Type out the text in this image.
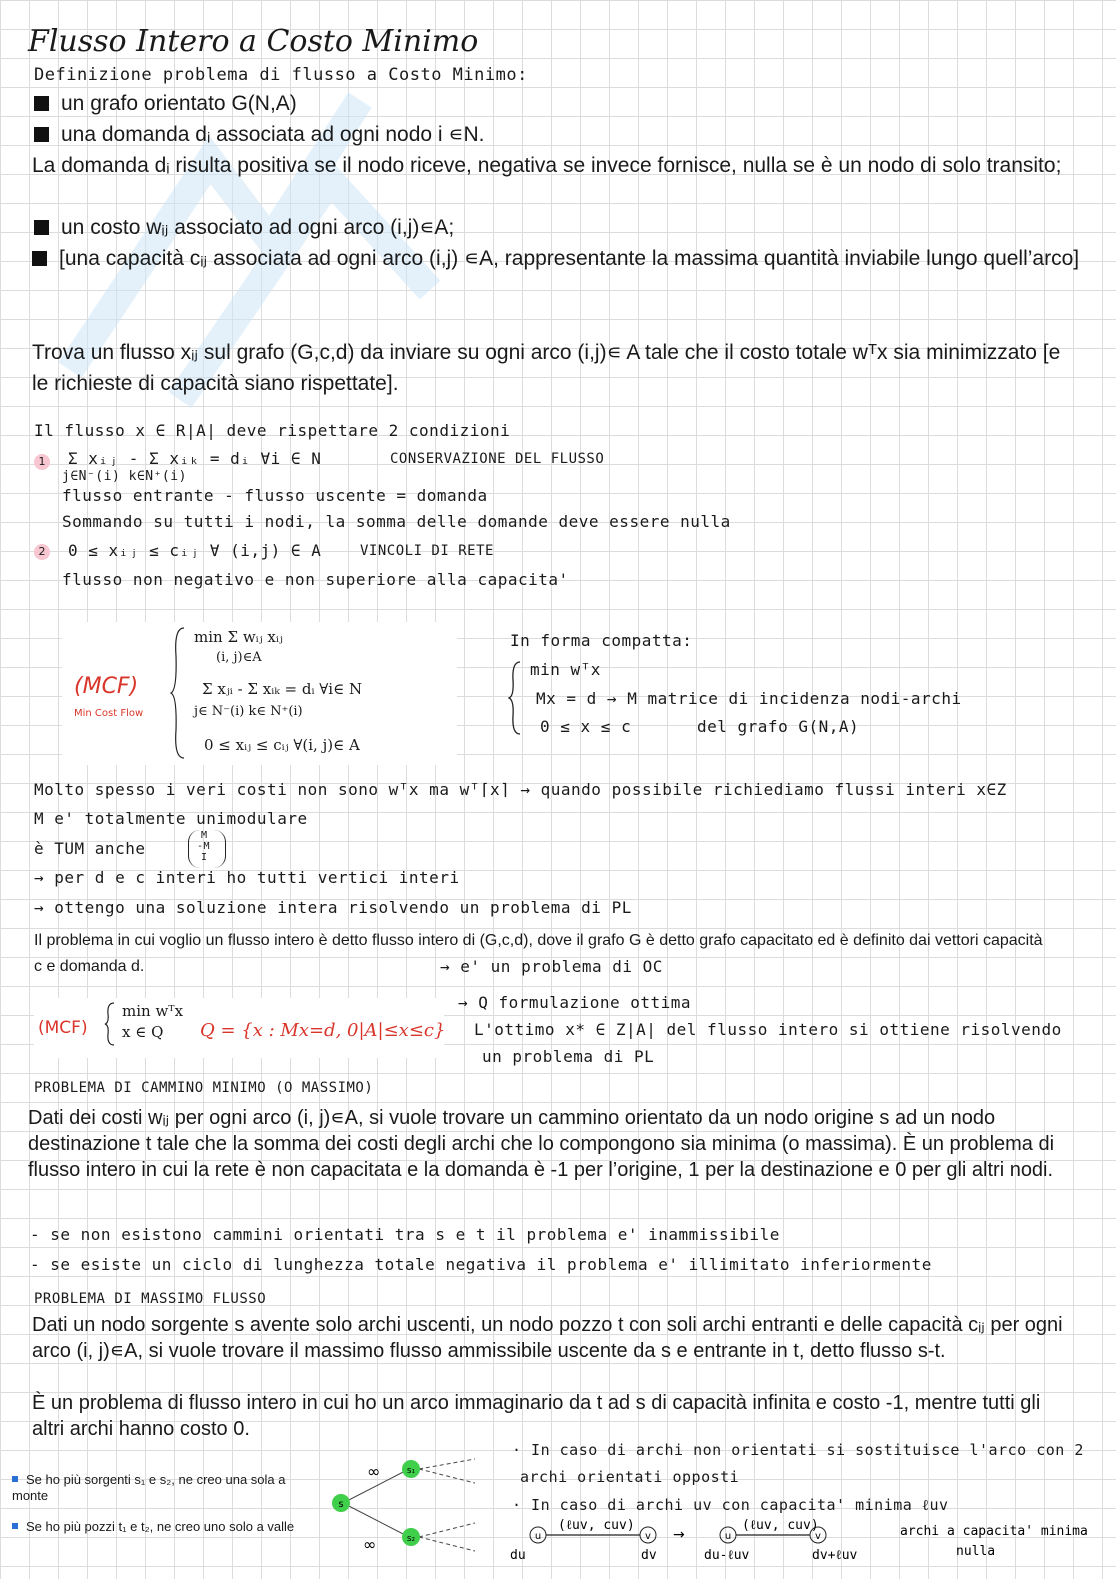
Flusso Intero a Costo Minimo
Definizione problema di flusso a Costo Minimo:
un grafo orientato G(N,A)
una domanda dᵢ associata ad ogni nodo i ∊N.
La domanda dᵢ risulta positiva se il nodo riceve, negativa se invece fornisce, nulla se è un nodo di solo transito;
un costo wᵢⱼ associato ad ogni arco (i,j)∊A;
[una capacità cᵢⱼ associata ad ogni arco (i,j) ∊A, rappresentante la massima quantità inviabile lungo quell’arco]
Trova un flusso xᵢⱼ sul grafo (G,c,d) da inviare su ogni arco (i,j)∊ A tale che il costo totale wᵀx sia minimizzato [e le richieste di capacità siano rispettate].
Il flusso x ∈ R|A| deve rispettare 2 condizioni
1 Σ xᵢⱼ - Σ xᵢₖ = dᵢ ∀i ∈ N
j∈N⁻(i) k∈N⁺(i)
CONSERVAZIONE DEL FLUSSO
flusso entrante - flusso uscente = domanda
Sommando su tutti i nodi, la somma delle domande deve essere nulla
2 0 ≤ xᵢⱼ ≤ cᵢⱼ ∀ (i,j) ∈ A	VINCOLI DI RETE
flusso non negativo e non superiore alla capacita'
(MCF)
Min Cost Flow
min Σ wᵢⱼ xᵢⱼ
(i, j)∈A
Σ xⱼᵢ - Σ xᵢₖ = dᵢ ∀i∈ N
j∈ N⁻(i) k∈ N⁺(i)
0 ≤ xᵢⱼ ≤ cᵢⱼ ∀(i, j)∈ A
In forma compatta:
min wᵀx
Mx = d → M matrice di incidenza nodi-archi
del grafo G(N,A)
0 ≤ x ≤ c
Molto spesso i veri costi non sono wᵀx ma wᵀ⌈x⌉ → quando possibile richiediamo flussi interi x∈Z
M e' totalmente unimodulare
è TUM anche
M
-M
I
→ per d e c interi ho tutti vertici interi
→ ottengo una soluzione intera risolvendo un problema di PL
Il problema in cui voglio un flusso intero è detto flusso intero di (G,c,d), dove il grafo G è detto grafo capacitato ed è definito dai vettori capacità c e domanda d.	→ e' un problema di OC
(MCF)
min wᵀx
x ∈ Q Q = {x : Mx=d, 0|A|≤x≤c}
→ Q formulazione ottima
L'ottimo x* ∈ Z|A| del flusso intero si ottiene risolvendo
un problema di PL
PROBLEMA DI CAMMINO MINIMO (O MASSIMO)
Dati dei costi wᵢⱼ per ogni arco (i, j)∊A, si vuole trovare un cammino orientato da un nodo origine s ad un nodo destinazione t tale che la somma dei costi degli archi che lo compongono sia minima (o massima). È un problema di flusso intero in cui la rete è non capacitata e la domanda è -1 per l’origine, 1 per la destinazione e 0 per gli altri nodi.
- se non esistono cammini orientati tra s e t il problema e' inammissibile
- se esiste un ciclo di lunghezza totale negativa il problema e' illimitato inferiormente
PROBLEMA DI MASSIMO FLUSSO
Dati un nodo sorgente s avente solo archi uscenti, un nodo pozzo t con soli archi entranti e delle capacità cᵢⱼ per ogni arco (i, j)∊A, si vuole trovare il massimo flusso ammissibile uscente da s e entrante in t, detto flusso s-t.
È un problema di flusso intero in cui ho un arco immaginario da t ad s di capacità infinita e costo -1, mentre tutti gli altri archi hanno costo 0.
Se ho più sorgenti s₁ e s₂, ne creo una sola a monte
Se ho più pozzi t₁ e t₂, ne creo uno solo a valle
s
s₁
s₂
∞
∞
· In caso di archi non orientati si sostituisce l'arco con 2
archi orientati opposti
· In caso di archi uv con capacita' minima ℓuv
u	v
(ℓuv, cuv)
du	dv
→	u	v
(ℓuv, cuv)
du-ℓuv	dv+ℓuv
archi a capacita' minima
nulla
